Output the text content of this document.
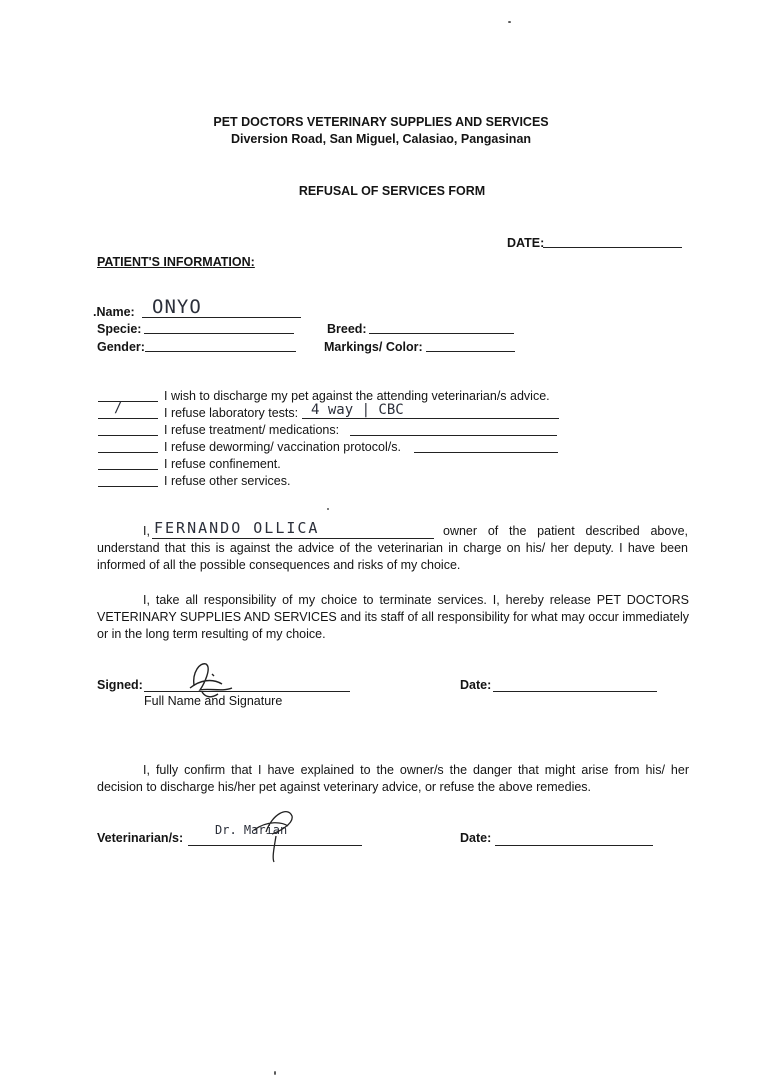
PET DOCTORS VETERINARY SUPPLIES AND SERVICES
Diversion Road, San Miguel, Calasiao, Pangasinan
REFUSAL OF SERVICES FORM
DATE:
PATIENT'S INFORMATION:
.Name: ONYO
Specie:	Breed:
Gender:	Markings/ Color:
I wish to discharge my pet against the attending veterinarian/s advice.
/	I refuse laboratory tests: 4 way | CBC
I refuse treatment/ medications:
I refuse deworming/ vaccination protocol/s.
I refuse confinement.
I refuse other services.
I, FERNANDO OLLICA	owner of the patient described above,
understand that this is against the advice of the veterinarian in charge on his/ her deputy. I have been
informed of all the possible consequences and risks of my choice.
I, take all responsibility of my choice to terminate services. I, hereby release PET DOCTORS VETERINARY SUPPLIES AND SERVICES and its staff of all responsibility for what may occur immediately or in the long term resulting of my choice.
Signed:
Full Name and Signature
Date:
I, fully confirm that I have explained to the owner/s the danger that might arise from his/ her decision to discharge his/her pet against veterinary advice, or refuse the above remedies.
Veterinarian/s:
Dr. Marian
Date:
